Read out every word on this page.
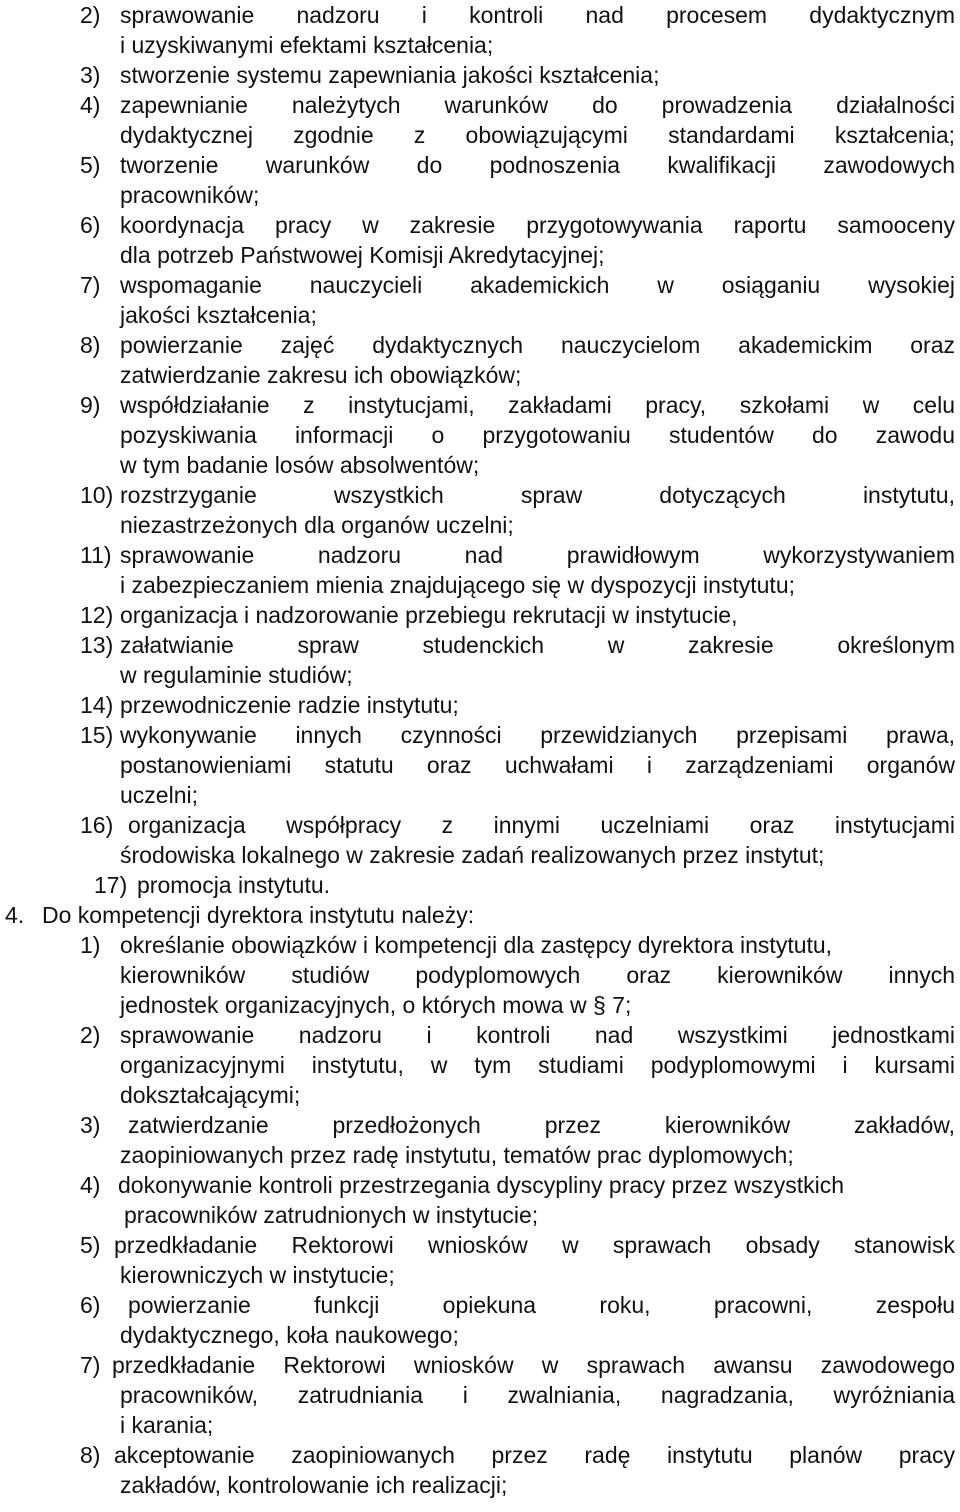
2) sprawowanie nadzoru i kontroli nad procesem dydaktycznym
i uzyskiwanymi efektami kształcenia;
3) stworzenie systemu zapewniania jakości kształcenia;
4) zapewnianie należytych warunków do prowadzenia działalności
dydaktycznej zgodnie z obowiązującymi standardami kształcenia;
5) tworzenie warunków do podnoszenia kwalifikacji zawodowych
pracowników;
6) koordynacja pracy w zakresie przygotowywania raportu samooceny
dla potrzeb Państwowej Komisji Akredytacyjnej;
7) wspomaganie nauczycieli akademickich w osiąganiu wysokiej
jakości kształcenia;
8) powierzanie zajęć dydaktycznych nauczycielom akademickim oraz
zatwierdzanie zakresu ich obowiązków;
9) współdziałanie z instytucjami, zakładami pracy, szkołami w celu
pozyskiwania informacji o przygotowaniu studentów do zawodu
w tym badanie losów absolwentów;
10) rozstrzyganie wszystkich spraw dotyczących instytutu,
niezastrzeżonych dla organów uczelni;
11) sprawowanie nadzoru nad prawidłowym wykorzystywaniem
i zabezpieczaniem mienia znajdującego się w dyspozycji instytutu;
12) organizacja i nadzorowanie przebiegu rekrutacji w instytucie,
13) załatwianie spraw studenckich w zakresie określonym
w regulaminie studiów;
14) przewodniczenie radzie instytutu;
15) wykonywanie innych czynności przewidzianych przepisami prawa,
postanowieniami statutu oraz uchwałami i zarządzeniami organów
uczelni;
16) organizacja współpracy z innymi uczelniami oraz instytucjami
środowiska lokalnego w zakresie zadań realizowanych przez instytut;
17) promocja instytutu.
4. Do kompetencji dyrektora instytutu należy:
1) określanie obowiązków i kompetencji dla zastępcy dyrektora instytutu,
kierowników studiów podyplomowych oraz kierowników innych
jednostek organizacyjnych, o których mowa w § 7;
2) sprawowanie nadzoru i kontroli nad wszystkimi jednostkami
organizacyjnymi instytutu, w tym studiami podyplomowymi i kursami
dokształcającymi;
3) zatwierdzanie przedłożonych przez kierowników zakładów,
zaopiniowanych przez radę instytutu, tematów prac dyplomowych;
4) dokonywanie kontroli przestrzegania dyscypliny pracy przez wszystkich
pracowników zatrudnionych w instytucie;
5) przedkładanie Rektorowi wniosków w sprawach obsady stanowisk
kierowniczych w instytucie;
6) powierzanie funkcji opiekuna roku, pracowni, zespołu
dydaktycznego, koła naukowego;
7) przedkładanie Rektorowi wniosków w sprawach awansu zawodowego
pracowników, zatrudniania i zwalniania, nagradzania, wyróżniania
i karania;
8) akceptowanie zaopiniowanych przez radę instytutu planów pracy
zakładów, kontrolowanie ich realizacji;
